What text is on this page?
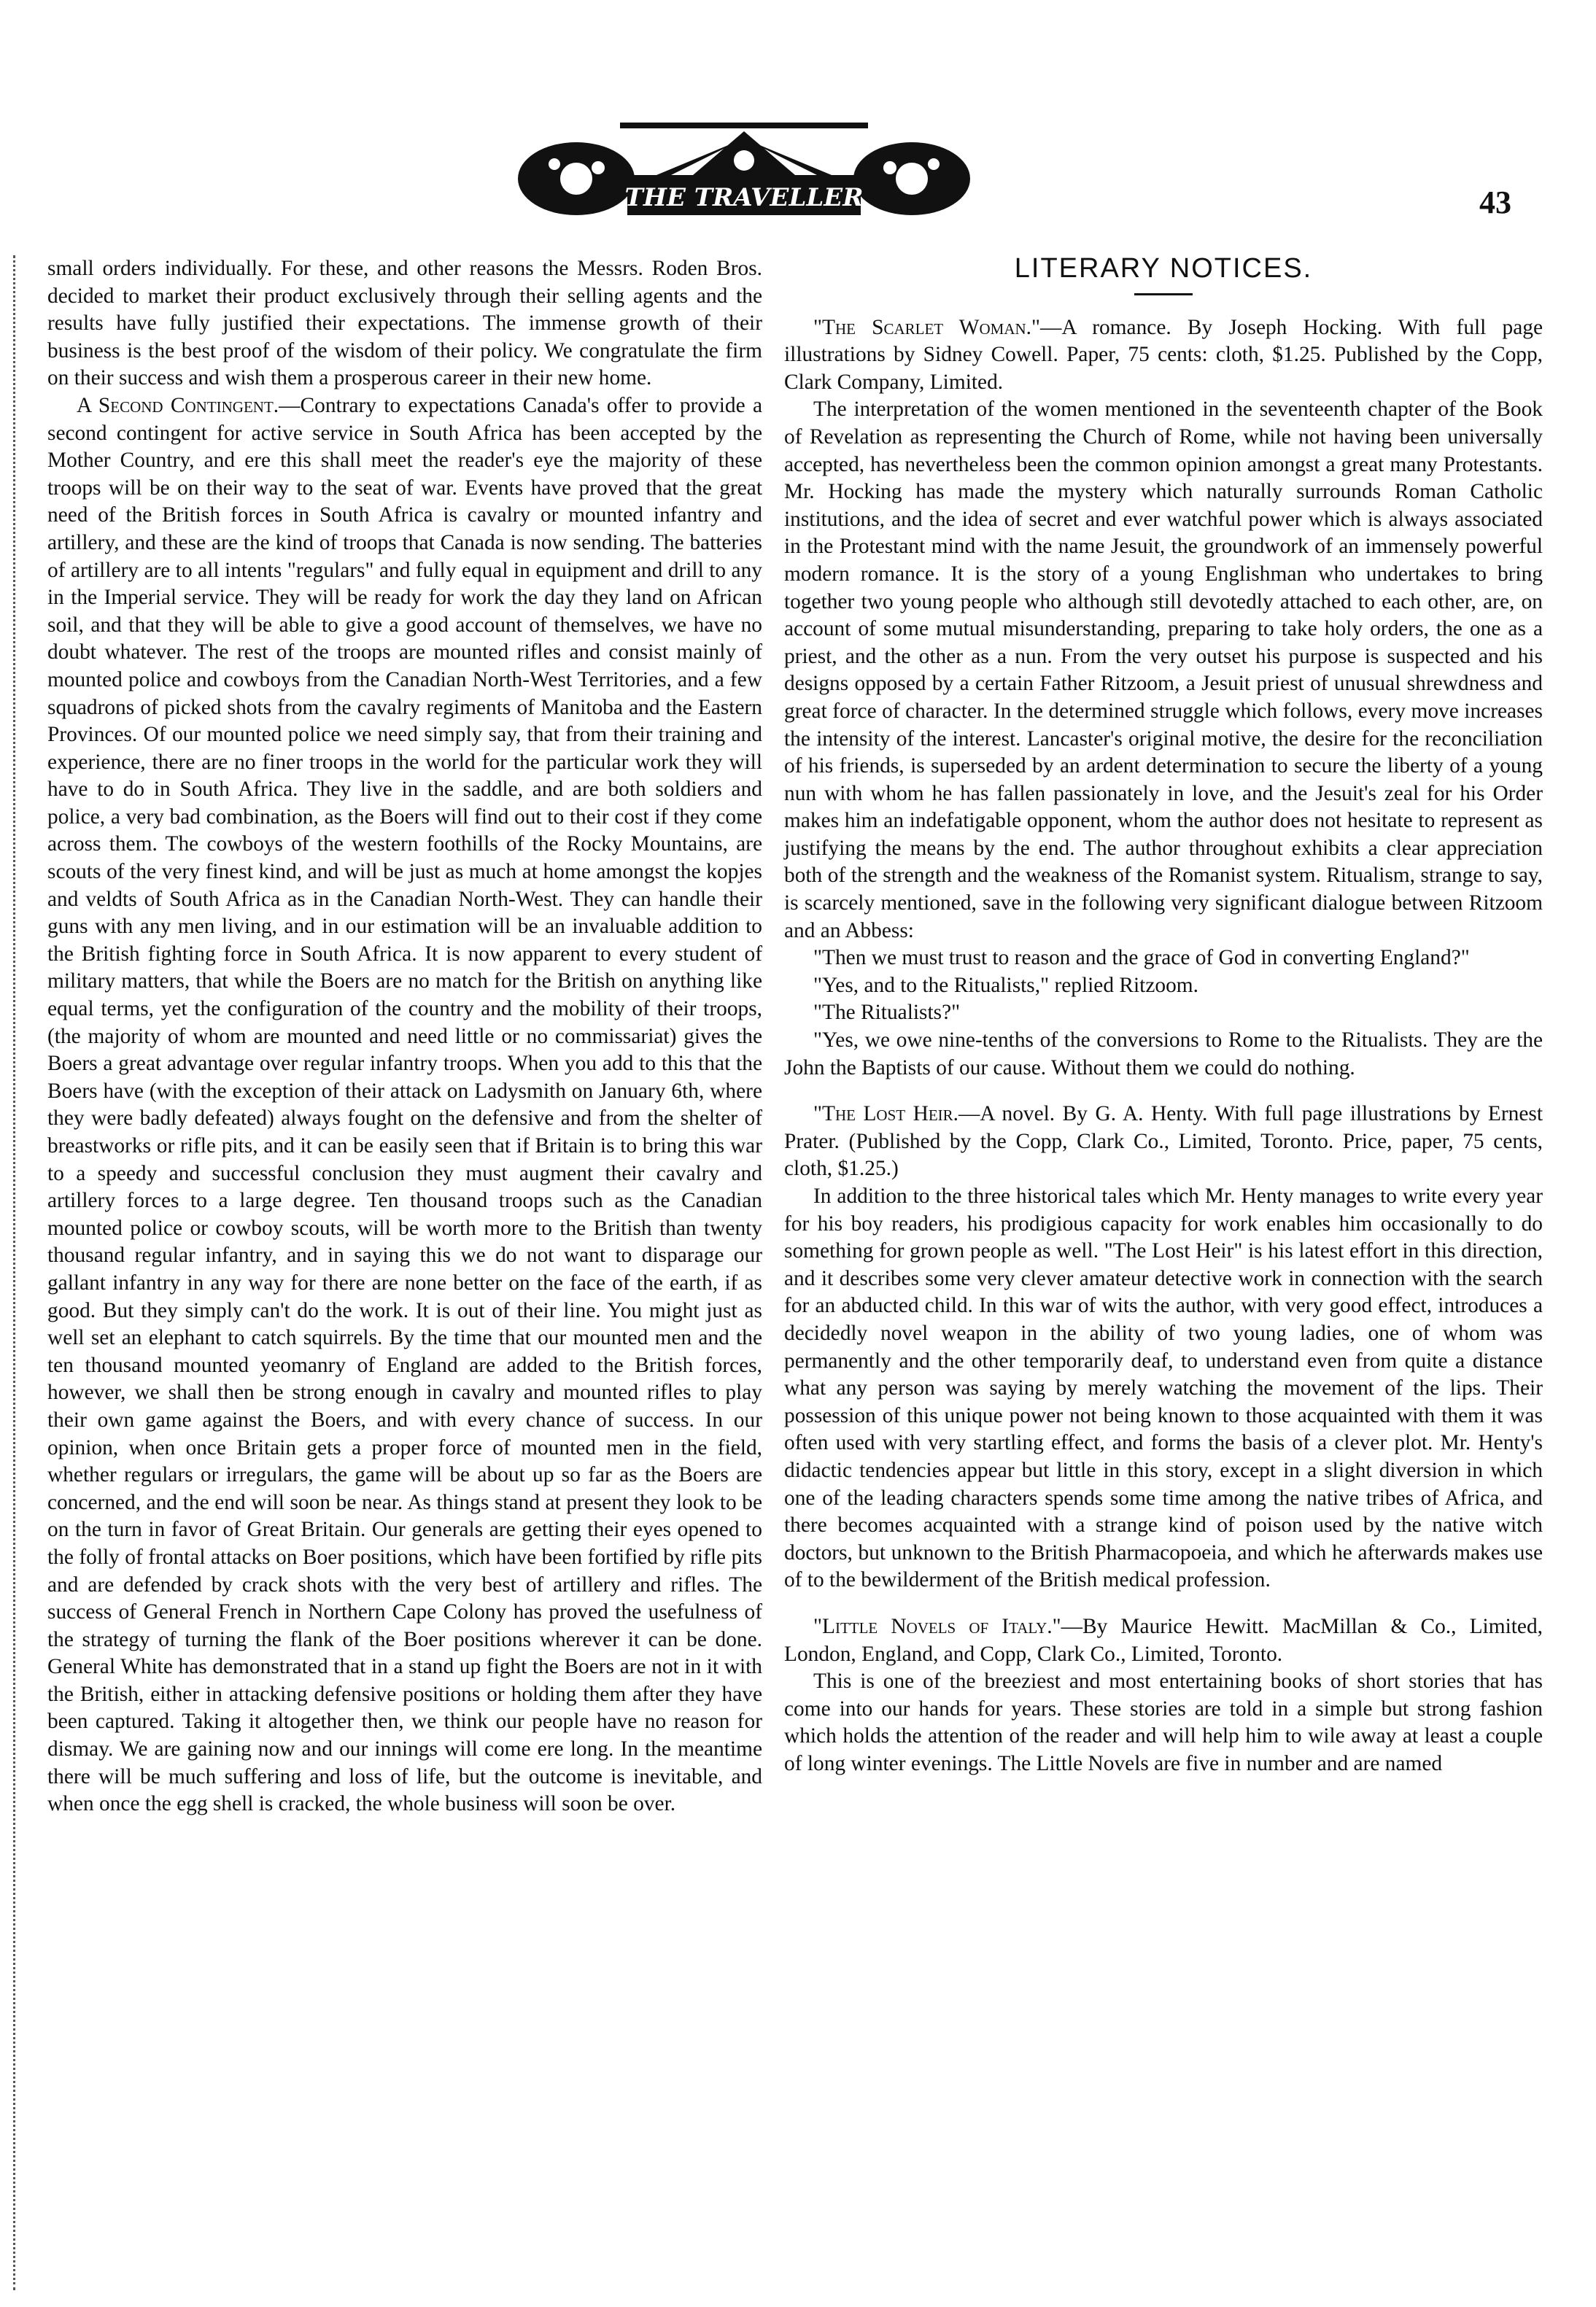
THE TRAVELLER	43

small orders individually. For these, and other reasons the Messrs. Roden Bros. decided to market their product exclusively through their selling agents and the results have fully justified their expectations. The immense growth of their business is the best proof of the wisdom of their policy. We congratulate the firm on their success and wish them a prosperous career in their new home.

A Second Contingent.—Contrary to expectations Canada's offer to provide a second contingent for active service in South Africa has been accepted by the Mother Country, and ere this shall meet the reader's eye the majority of these troops will be on their way to the seat of war. Events have proved that the great need of the British forces in South Africa is cavalry or mounted infantry and artillery, and these are the kind of troops that Canada is now sending. The batteries of artillery are to all intents "regulars" and fully equal in equipment and drill to any in the Imperial service. They will be ready for work the day they land on African soil, and that they will be able to give a good account of themselves, we have no doubt whatever. The rest of the troops are mounted rifles and consist mainly of mounted police and cowboys from the Canadian North-West Territories, and a few squadrons of picked shots from the cavalry regiments of Manitoba and the Eastern Provinces. Of our mounted police we need simply say, that from their training and experience, there are no finer troops in the world for the particular work they will have to do in South Africa. They live in the saddle, and are both soldiers and police, a very bad combination, as the Boers will find out to their cost if they come across them. The cowboys of the western foothills of the Rocky Mountains, are scouts of the very finest kind, and will be just as much at home amongst the kopjes and veldts of South Africa as in the Canadian North-West. They can handle their guns with any men living, and in our estimation will be an invaluable addition to the British fighting force in South Africa. It is now apparent to every student of military matters, that while the Boers are no match for the British on anything like equal terms, yet the configuration of the country and the mobility of their troops, (the majority of whom are mounted and need little or no commissariat) gives the Boers a great advantage over regular infantry troops. When you add to this that the Boers have (with the exception of their attack on Ladysmith on January 6th, where they were badly defeated) always fought on the defensive and from the shelter of breastworks or rifle pits, and it can be easily seen that if Britain is to bring this war to a speedy and successful conclusion they must augment their cavalry and artillery forces to a large degree. Ten thousand troops such as the Canadian mounted police or cowboy scouts, will be worth more to the British than twenty thousand regular infantry, and in saying this we do not want to disparage our gallant infantry in any way for there are none better on the face of the earth, if as good. But they simply can't do the work. It is out of their line. You might just as well set an elephant to catch squirrels. By the time that our mounted men and the ten thousand mounted yeomanry of England are added to the British forces, however, we shall then be strong enough in cavalry and mounted rifles to play their own game against the Boers, and with every chance of success. In our opinion, when once Britain gets a proper force of mounted men in the field, whether regulars or irregulars, the game will be about up so far as the Boers are concerned, and the end will soon be near. As things stand at present they look to be on the turn in favor of Great Britain. Our generals are getting their eyes opened to the folly of frontal attacks on Boer positions, which have been fortified by rifle pits and are defended by crack shots with the very best of artillery and rifles. The success of General French in Northern Cape Colony has proved the usefulness of the strategy of turning the flank of the Boer positions wherever it can be done. General White has demonstrated that in a stand up fight the Boers are not in it with the British, either in attacking defensive positions or holding them after they have been captured. Taking it altogether then, we think our people have no reason for dismay. We are gaining now and our innings will come ere long. In the meantime there will be much suffering and loss of life, but the outcome is inevitable, and when once the egg shell is cracked, the whole business will soon be over.

LITERARY NOTICES.

"The Scarlet Woman."—A romance. By Joseph Hocking. With full page illustrations by Sidney Cowell. Paper, 75 cents: cloth, $1.25. Published by the Copp, Clark Company, Limited.

The interpretation of the women mentioned in the seventeenth chapter of the Book of Revelation as representing the Church of Rome, while not having been universally accepted, has nevertheless been the common opinion amongst a great many Protestants. Mr. Hocking has made the mystery which naturally surrounds Roman Catholic institutions, and the idea of secret and ever watchful power which is always associated in the Protestant mind with the name Jesuit, the groundwork of an immensely powerful modern romance. It is the story of a young Englishman who undertakes to bring together two young people who although still devotedly attached to each other, are, on account of some mutual misunderstanding, preparing to take holy orders, the one as a priest, and the other as a nun. From the very outset his purpose is suspected and his designs opposed by a certain Father Ritzoom, a Jesuit priest of unusual shrewdness and great force of character. In the determined struggle which follows, every move increases the intensity of the interest. Lancaster's original motive, the desire for the reconciliation of his friends, is superseded by an ardent determination to secure the liberty of a young nun with whom he has fallen passionately in love, and the Jesuit's zeal for his Order makes him an indefatigable opponent, whom the author does not hesitate to represent as justifying the means by the end. The author throughout exhibits a clear appreciation both of the strength and the weakness of the Romanist system. Ritualism, strange to say, is scarcely mentioned, save in the following very significant dialogue between Ritzoom and an Abbess:

"Then we must trust to reason and the grace of God in converting England?"

"Yes, and to the Ritualists," replied Ritzoom.

"The Ritualists?"

"Yes, we owe nine-tenths of the conversions to Rome to the Ritualists. They are the John the Baptists of our cause. Without them we could do nothing.

"The Lost Heir.—A novel. By G. A. Henty. With full page illustrations by Ernest Prater. (Published by the Copp, Clark Co., Limited, Toronto. Price, paper, 75 cents, cloth, $1.25.)

In addition to the three historical tales which Mr. Henty manages to write every year for his boy readers, his prodigious capacity for work enables him occasionally to do something for grown people as well. "The Lost Heir" is his latest effort in this direction, and it describes some very clever amateur detective work in connection with the search for an abducted child. In this war of wits the author, with very good effect, introduces a decidedly novel weapon in the ability of two young ladies, one of whom was permanently and the other temporarily deaf, to understand even from quite a distance what any person was saying by merely watching the movement of the lips. Their possession of this unique power not being known to those acquainted with them it was often used with very startling effect, and forms the basis of a clever plot. Mr. Henty's didactic tendencies appear but little in this story, except in a slight diversion in which one of the leading characters spends some time among the native tribes of Africa, and there becomes acquainted with a strange kind of poison used by the native witch doctors, but unknown to the British Pharmacopoeia, and which he afterwards makes use of to the bewilderment of the British medical profession.

"Little Novels of Italy."—By Maurice Hewitt. MacMillan & Co., Limited, London, England, and Copp, Clark Co., Limited, Toronto.

This is one of the breeziest and most entertaining books of short stories that has come into our hands for years. These stories are told in a simple but strong fashion which holds the attention of the reader and will help him to wile away at least a couple of long winter evenings. The Little Novels are five in number and are named
